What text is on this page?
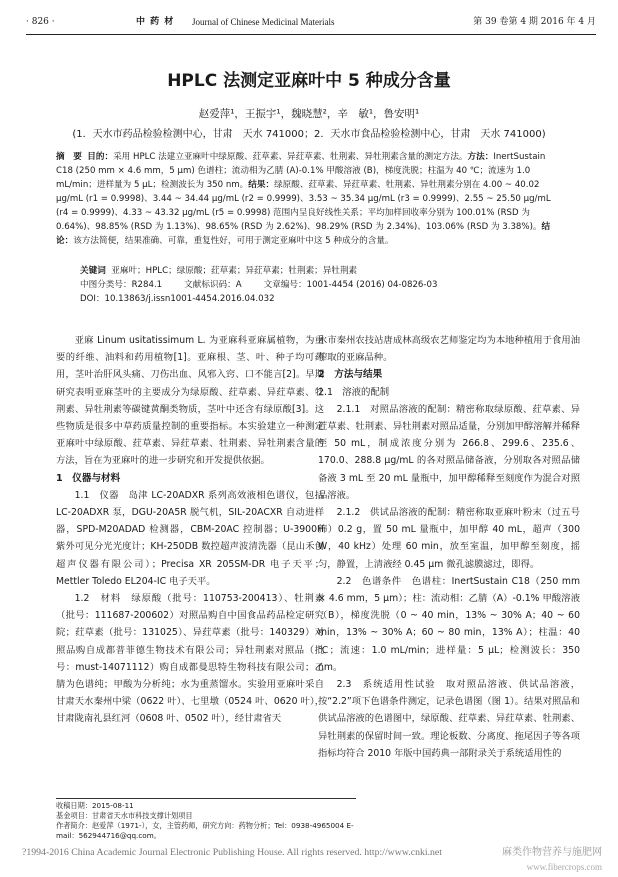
· 826 ·	中 药 材 Journal of Chinese Medicinal Materials	第 39 卷第 4 期 2016 年 4 月
HPLC 法测定亚麻叶中 5 种成分含量
赵爱萍¹，王振宇¹，魏晓慧²，辛　敏¹，鲁安明¹
(1．天水市药品检验检测中心，甘肃　天水 741000；2．天水市食品检验检测中心，甘肃　天水 741000)
摘　要 目的：采用 HPLC 法建立亚麻叶中绿原酸、荭草素、异荭草素、牡荆素、异牡荆素含量的测定方法。方法：InertSustain C18 (250 mm × 4.6 mm，5 μm) 色谱柱；流动相为乙腈 (A)-0.1% 甲酸溶液 (B)，梯度洗脱；柱温为 40 ℃；流速为 1.0 mL/min；进样量为 5 μL；检测波长为 350 nm。结果：绿原酸、荭草素、异荭草素、牡荆素、异牡荆素分别在 4.00 ~ 40.02 μg/mL (r1 = 0.9998)、3.44 ~ 34.44 μg/mL (r2 = 0.9999)、3.53 ~ 35.34 μg/mL (r3 = 0.9999)、2.55 ~ 25.50 μg/mL (r4 = 0.9999)、4.33 ~ 43.32 μg/mL (r5 = 0.9998) 范围内呈良好线性关系；平均加样回收率分别为 100.01% (RSD 为 0.64%)、98.85% (RSD 为 1.13%)、98.65% (RSD 为 2.62%)、98.29% (RSD 为 2.34%)、103.06% (RSD 为 3.38%)。结论：该方法简便，结果准确、可靠，重复性好，可用于测定亚麻叶中这 5 种成分的含量。
关键词 亚麻叶；HPLC；绿原酸；荭草素；异荭草素；牡荆素；异牡荆素
中图分类号：R284.1	文献标识码：A	文章编号：1001-4454 (2016) 04-0826-03
DOI：10.13863/j.issn1001-4454.2016.04.032

亚麻 Linum usitatissimum L. 为亚麻科亚麻属植物，为重要的纤维、油料和药用植物[1]。亚麻根、茎、叶、种子均可药用，茎叶治肝风头痛、刀伤出血、风邪入窍、口不能言[2]。早期研究表明亚麻茎叶的主要成分为绿原酸、荭草素、异荭草素、牡荆素、异牡荆素等碳键黄酮类物质，茎叶中还含有绿原酸[3]。这些物质是很多中草药质量控制的重要指标。本实验建立一种测定亚麻叶中绿原酸、荭草素、异荭草素、牡荆素、异牡荆素含量的方法，旨在为亚麻叶的进一步研究和开发提供依据。

1　仪器与材料

1.1　仪器　岛津 LC-20ADXR 系列高效液相色谱仪，包括 LC-20ADXR 泵，DGU-20A5R 脱气机，SIL-20ACXR 自动进样器，SPD-M20ADAD 检测器，CBM-20AC 控制器；U-3900H 紫外可见分光光度计；KH-250DB 数控超声波清洗器（昆山禾创超声仪器有限公司）；Precisa XR 205SM-DR 电子天平；Mettler Toledo EL204-IC 电子天平。

1.2　材料　绿原酸（批号：110753-200413）、牡荆素（批号：111687-200602）对照品购自中国食品药品检定研究院；荭草素（批号：131025）、异荭草素（批号：140329）对照品购自成都普菲德生物技术有限公司；异牡荆素对照品（批号：must-14071112）购自成都曼思特生物科技有限公司；乙腈为色谱纯；甲酸为分析纯；水为重蒸馏水。实验用亚麻叶采自甘肃天水秦州中梁（0622 叶）、七里墩（0524 叶、0620 叶），甘肃陇南礼县红河（0608 叶、0502 叶），经甘肃省天

水市秦州农技站唐成林高级农艺师鉴定均为本地种植用于食用油榨取的亚麻品种。

2　方法与结果
2.1　溶液的配制

2.1.1　对照品溶液的配制：精密称取绿原酸、荭草素、异荭草素、牡荆素、异牡荆素对照品适量，分别加甲醇溶解并稀释至 50 mL，制成浓度分别为 266.8、299.6、235.6、170.0、288.8 μg/mL 的各对照品储备液，分别取各对照品储备液 3 mL 至 20 mL 量瓶中，加甲醇稀释至刻度作为混合对照品溶液。

2.1.2　供试品溶液的配制：精密称取亚麻叶粉末（过五号筛）0.2 g，置 50 mL 量瓶中，加甲醇 40 mL，超声（300 W，40 kHz）处理 60 min，放至室温，加甲醇至刻度，摇匀，静置，上清液经 0.45 μm 微孔滤膜滤过，即得。

2.2　色谱条件　色谱柱：InertSustain C18（250 mm × 4.6 mm，5 μm）；柱：流动相：乙腈（A）-0.1% 甲酸溶液（B），梯度洗脱（0 ~ 40 min，13% ~ 30% A；40 ~ 60 min，13% ~ 30% A；60 ~ 80 min，13% A）；柱温：40 ℃；流速：1.0 mL/min；进样量：5 μL；检测波长：350 nm。

2.3　系统适用性试验　取对照品溶液、供试品溶液，按“2.2”项下色谱条件测定，记录色谱图（图 1）。结果对照品和供试品溶液的色谱图中，绿原酸、荭草素、异荭草素、牡荆素、异牡荆素的保留时间一致。理论板数、分离度、拖尾因子等各项指标均符合 2010 年版中国药典一部附录关于系统适用性的

收稿日期：2015-08-11
基金项目：甘肃省天水市科技支撑计划项目
作者简介：赵爱萍（1971-），女，主管药师，研究方向：药物分析；Tel：0938-4965004 E-mail：562944716@qq.com。
?1994-2016 China Academic Journal Electronic Publishing House. All rights reserved. http://www.cnki.net	麻类作物营养与施肥网
www.fibercrops.com
